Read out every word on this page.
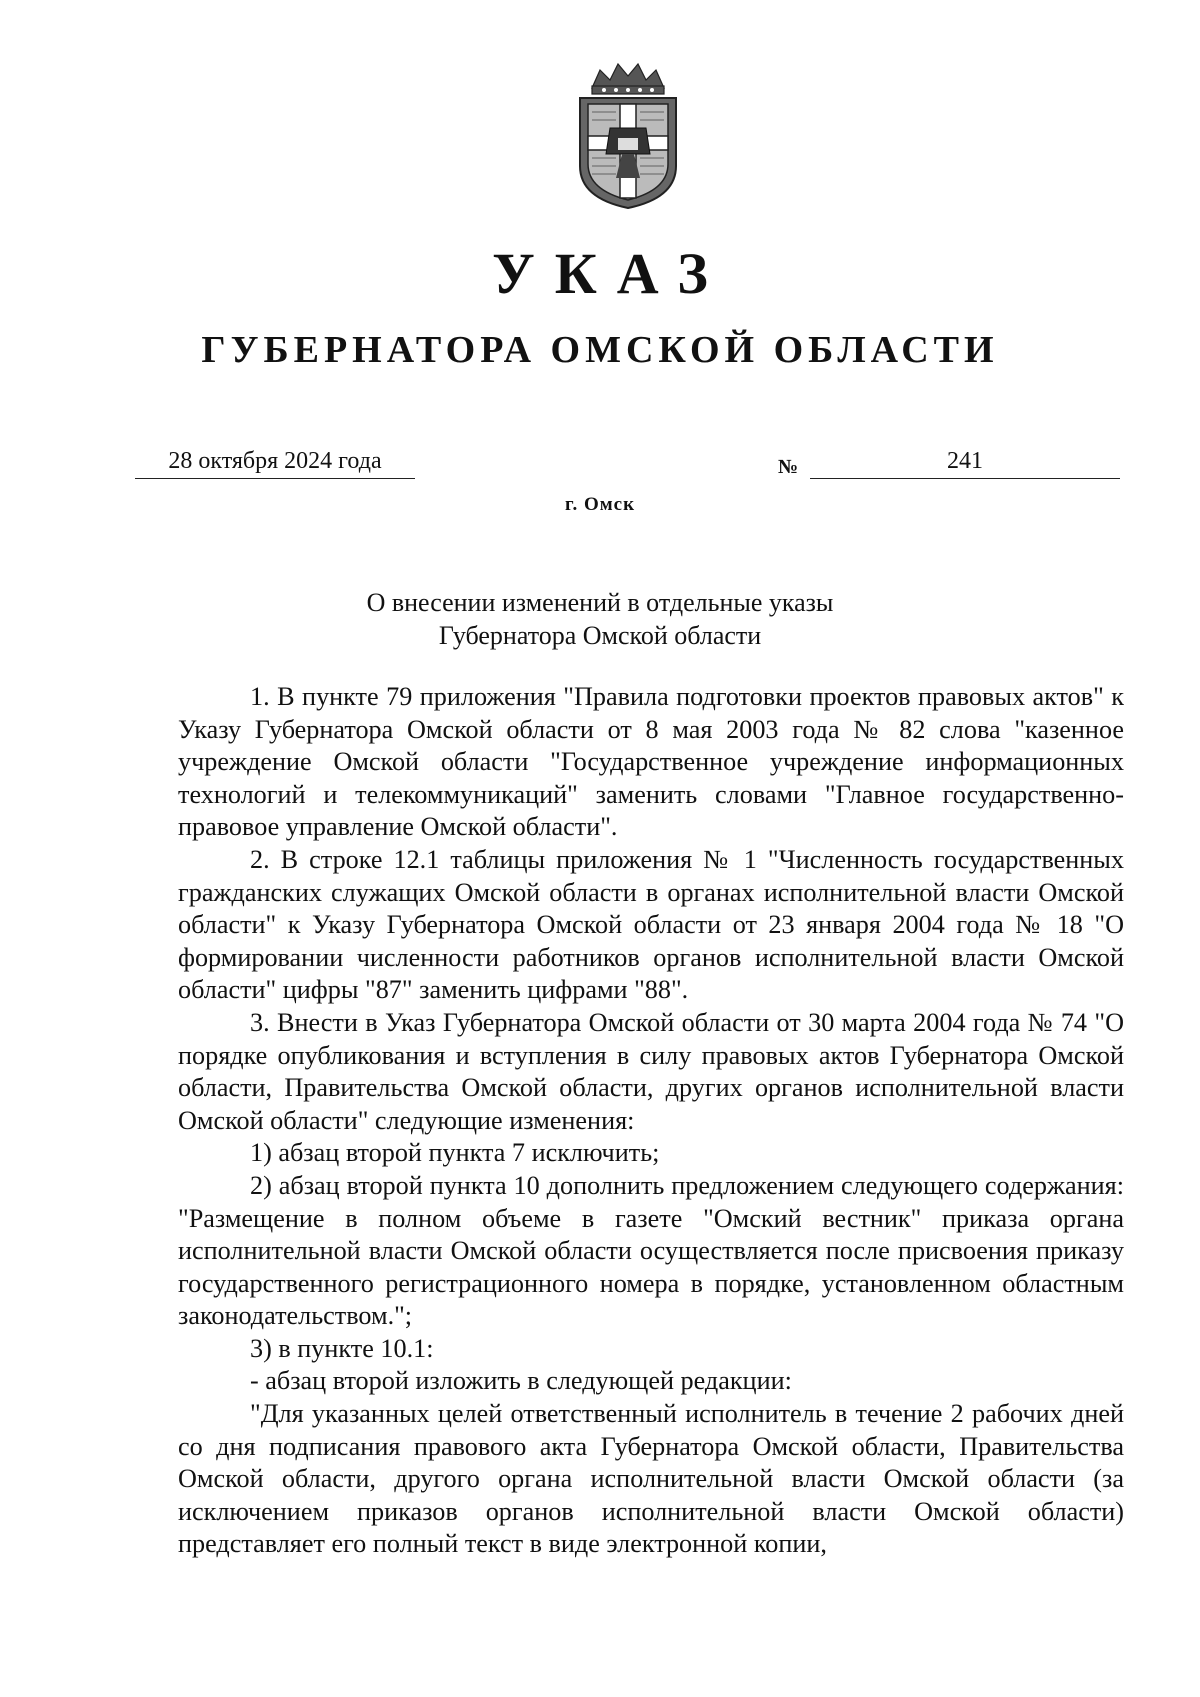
УКАЗ
ГУБЕРНАТОРА ОМСКОЙ ОБЛАСТИ
28 октября 2024 года	№	241
г. Омск
О внесении изменений в отдельные указы
Губернатора Омской области

1. В пункте 79 приложения "Правила подготовки проектов правовых актов" к Указу Губернатора Омской области от 8 мая 2003 года № 82 слова "казенное учреждение Омской области "Государственное учреждение информационных технологий и телекоммуникаций" заменить словами "Главное государственно-правовое управление Омской области".

2. В строке 12.1 таблицы приложения № 1 "Численность государственных гражданских служащих Омской области в органах исполнительной власти Омской области" к Указу Губернатора Омской области от 23 января 2004 года № 18 "О формировании численности работников органов исполнительной власти Омской области" цифры "87" заменить цифрами "88".

3. Внести в Указ Губернатора Омской области от 30 марта 2004 года № 74 "О порядке опубликования и вступления в силу правовых актов Губернатора Омской области, Правительства Омской области, других органов исполнительной власти Омской области" следующие изменения:

1) абзац второй пункта 7 исключить;

2) абзац второй пункта 10 дополнить предложением следующего содержания: "Размещение в полном объеме в газете "Омский вестник" приказа органа исполнительной власти Омской области осуществляется после присвоения приказу государственного регистрационного номера в порядке, установленном областным законодательством.";

3) в пункте 10.1:

- абзац второй изложить в следующей редакции:

"Для указанных целей ответственный исполнитель в течение 2 рабочих дней со дня подписания правового акта Губернатора Омской области, Правительства Омской области, другого органа исполнительной власти Омской области (за исключением приказов органов исполнительной власти Омской области) представляет его полный текст в виде электронной копии,
